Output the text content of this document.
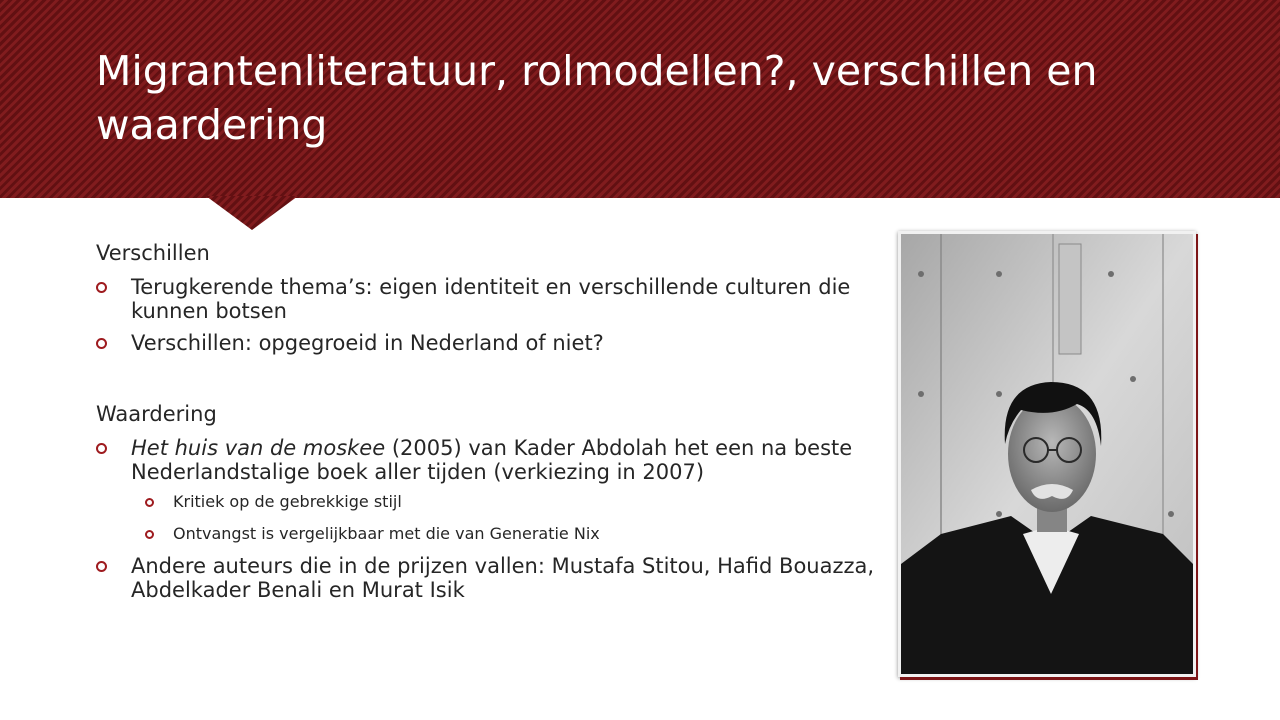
Migrantenliteratuur, rolmodellen?, verschillen en waardering

Verschillen

Terugkerende thema’s: eigen identiteit en verschillende culturen die kunnen botsen
Verschillen: opgegroeid in Nederland of niet?

Waardering

Het huis van de moskee (2005) van Kader Abdolah het een na beste Nederlandstalige boek aller tijden (verkiezing in 2007)
Kritiek op de gebrekkige stijl
Ontvangst is vergelijkbaar met die van Generatie Nix
Andere auteurs die in de prijzen vallen: Mustafa Stitou, Hafid Bouazza, Abdelkader Benali en Murat Isik
